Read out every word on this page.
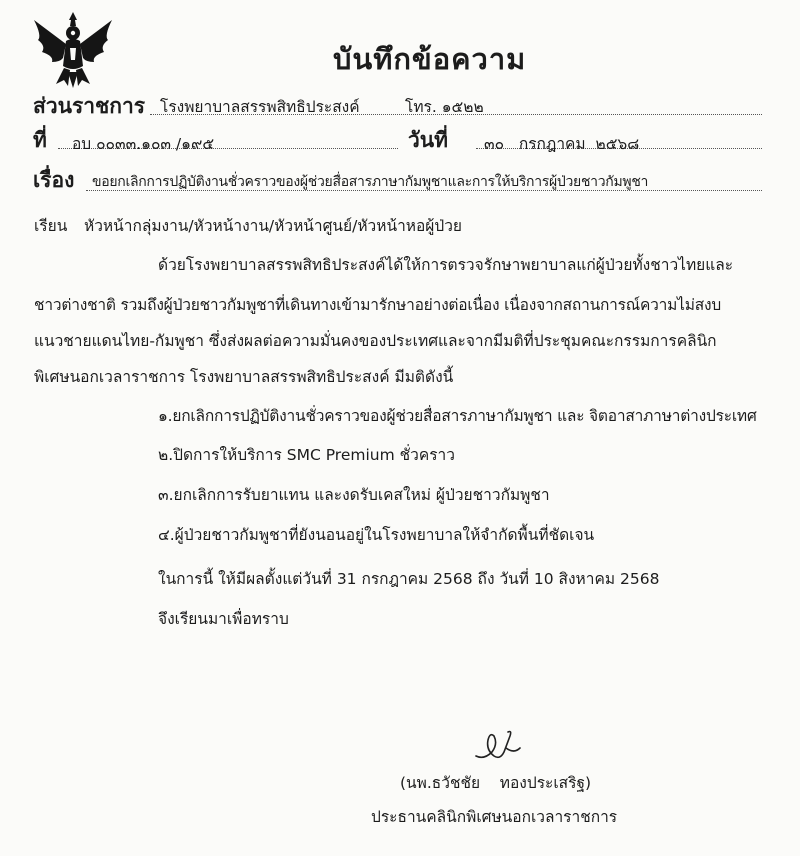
บันทึกข้อความ
ส่วนราชการ โรงพยาบาลสรรพสิทธิประสงค์	โทร. ๑๕๒๒
ที่ อบ ๐๐๓๓.๑๐๓ /๑๙๕	วันที่ ๓๐   กรกฎาคม  ๒๕๖๘
เรื่อง ขอยกเลิกการปฏิบัติงานชั่วคราวของผู้ช่วยสื่อสารภาษากัมพูชาและการให้บริการผู้ป่วยชาวกัมพูชา
เรียน หัวหน้ากลุ่มงาน/หัวหน้างาน/หัวหน้าศูนย์/หัวหน้าหอผู้ป่วย
ด้วยโรงพยาบาลสรรพสิทธิประสงค์ได้ให้การตรวจรักษาพยาบาลแก่ผู้ป่วยทั้งชาวไทยและ
ชาวต่างชาติ รวมถึงผู้ป่วยชาวกัมพูชาที่เดินทางเข้ามารักษาอย่างต่อเนื่อง เนื่องจากสถานการณ์ความไม่สงบ
แนวชายแดนไทย-กัมพูชา ซึ่งส่งผลต่อความมั่นคงของประเทศและจากมีมติที่ประชุมคณะกรรมการคลินิก
พิเศษนอกเวลาราชการ โรงพยาบาลสรรพสิทธิประสงค์ มีมติดังนี้
๑.ยกเลิกการปฏิบัติงานชั่วคราวของผู้ช่วยสื่อสารภาษากัมพูชา และ จิตอาสาภาษาต่างประเทศ
๒.ปิดการให้บริการ SMC Premium ชั่วคราว
๓.ยกเลิกการรับยาแทน และงดรับเคสใหม่ ผู้ป่วยชาวกัมพูชา
๔.ผู้ป่วยชาวกัมพูชาที่ยังนอนอยู่ในโรงพยาบาลให้จำกัดพื้นที่ชัดเจน
ในการนี้ ให้มีผลตั้งแต่วันที่ 31 กรกฎาคม 2568 ถึง วันที่ 10 สิงหาคม 2568
จึงเรียนมาเพื่อทราบ
(นพ.ธวัชชัย    ทองประเสริฐ)
ประธานคลินิกพิเศษนอกเวลาราชการ
